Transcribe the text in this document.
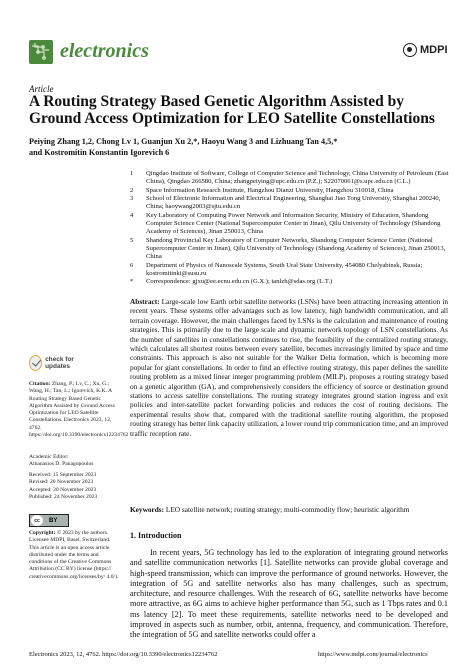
electronics	MDPI
Article
A Routing Strategy Based Genetic Algorithm Assisted by Ground Access Optimization for LEO Satellite Constellations
Peiying Zhang 1,2, Chong Lv 1, Guanjun Xu 2,*, Haoyu Wang 3 and Lizhuang Tan 4,5,*
and Kostromitin Konstantin Igorevich 6
1	Qingdao Institute of Software, College of Computer Science and Technology, China University of Petroleum (East China), Qingdao 266580, China; zhangpeiying@upc.edu.cn (P.Z.); S22070061@s.upc.edu.cn (C.L.)
2	Space Information Research Institute, Hangzhou Dianzi University, Hangzhou 310018, China
3	School of Electronic Information and Electrical Engineering, Shanghai Jiao Tong University, Shanghai 200240, China; haoywang2003@sjtu.edu.cn
4	Key Laboratory of Computing Power Network and Information Security, Ministry of Education, Shandong Computer Science Center (National Supercomputer Center in Jinan), Qilu University of Technology (Shandong Academy of Sciences), Jinan 250013, China
5	Shandong Provincial Key Laboratory of Computer Networks, Shandong Computer Science Center (National Supercomputer Center in Jinan), Qilu University of Technology (Shandong Academy of Sciences), Jinan 250013, China
6	Department of Physics of Nanoscale Systems, South Ural State University, 454080 Chelyabinsk, Russia; kostromitinki@susu.ru
*	Correspondence: gjxu@ee.ecnu.edu.cn (G.X.); tanlzh@sdas.org (L.T.)
Abstract: Large-scale low Earth orbit satellite networks (LSNs) have been attracting increasing attention in recent years. These systems offer advantages such as low latency, high bandwidth communication, and all terrain coverage. However, the main challenges faced by LSNs is the calculation and maintenance of routing strategies. This is primarily due to the large scale and dynamic network topology of LSN constellations. As the number of satellites in constellations continues to rise, the feasibility of the centralized routing strategy, which calculates all shortest routes between every satellite, becomes increasingly limited by space and time constraints. This approach is also not suitable for the Walker Delta formation, which is becoming more popular for giant constellations. In order to find an effective routing strategy, this paper defines the satellite routing problem as a mixed linear integer programming problem (MILP), proposes a routing strategy based on a genetic algorithm (GA), and comprehensively considers the efficiency of source or destination ground stations to access satellite constellations. The routing strategy integrates ground station ingress and exit policies and inter-satellite packet forwarding policies and reduces the cost of routing decisions. The experimental results show that, compared with the traditional satellite routing algorithm, the proposed routing strategy has better link capacity utilization, a lower round trip communication time, and an improved traffic reception rate.
Keywords: LEO satellite network; routing strategy; multi-commodity flow; heuristic algorithm
1. Introduction
In recent years, 5G technology has led to the exploration of integrating ground networks and satellite communication networks [1]. Satellite networks can provide global coverage and high-speed transmission, which can improve the performance of ground networks. However, the integration of 5G and satellite networks also has many challenges, such as spectrum, architecture, and resource challenges. With the research of 6G, satellite networks have become more attractive, as 6G aims to achieve higher performance than 5G, such as 1 Tbps rates and 0.1 ms latency [2]. To meet these requirements, satellite networks need to be developed and improved in aspects such as number, orbit, antenna, frequency, and communication. Therefore, the integration of 5G and satellite networks could offer a
check for updates
Citation: Zhang, P.; Lv, C.; Xu, G.; Wang, H.; Tan, L.; Igorevich, K.K. A Routing Strategy Based Genetic Algorithm Assisted by Ground Access Optimization for LEO Satellite Constellations. Electronics 2023, 12, 4762. https://doi.org/10.3390/electronics12234762
Academic Editor:
Athanasios D. Panagopoulos
Received: 15 September 2023
Revised: 20 November 2023
Accepted: 20 November 2023
Published: 24 November 2023
cc	BY
Copyright: © 2023 by the authors. Licensee MDPI, Basel, Switzerland. This article is an open access article distributed under the terms and conditions of the Creative Commons Attribution (CC BY) license (https:// creativecommons.org/licenses/by/ 4.0/).
Electronics 2023, 12, 4762. https://doi.org/10.3390/electronics12234762	https://www.mdpi.com/journal/electronics
